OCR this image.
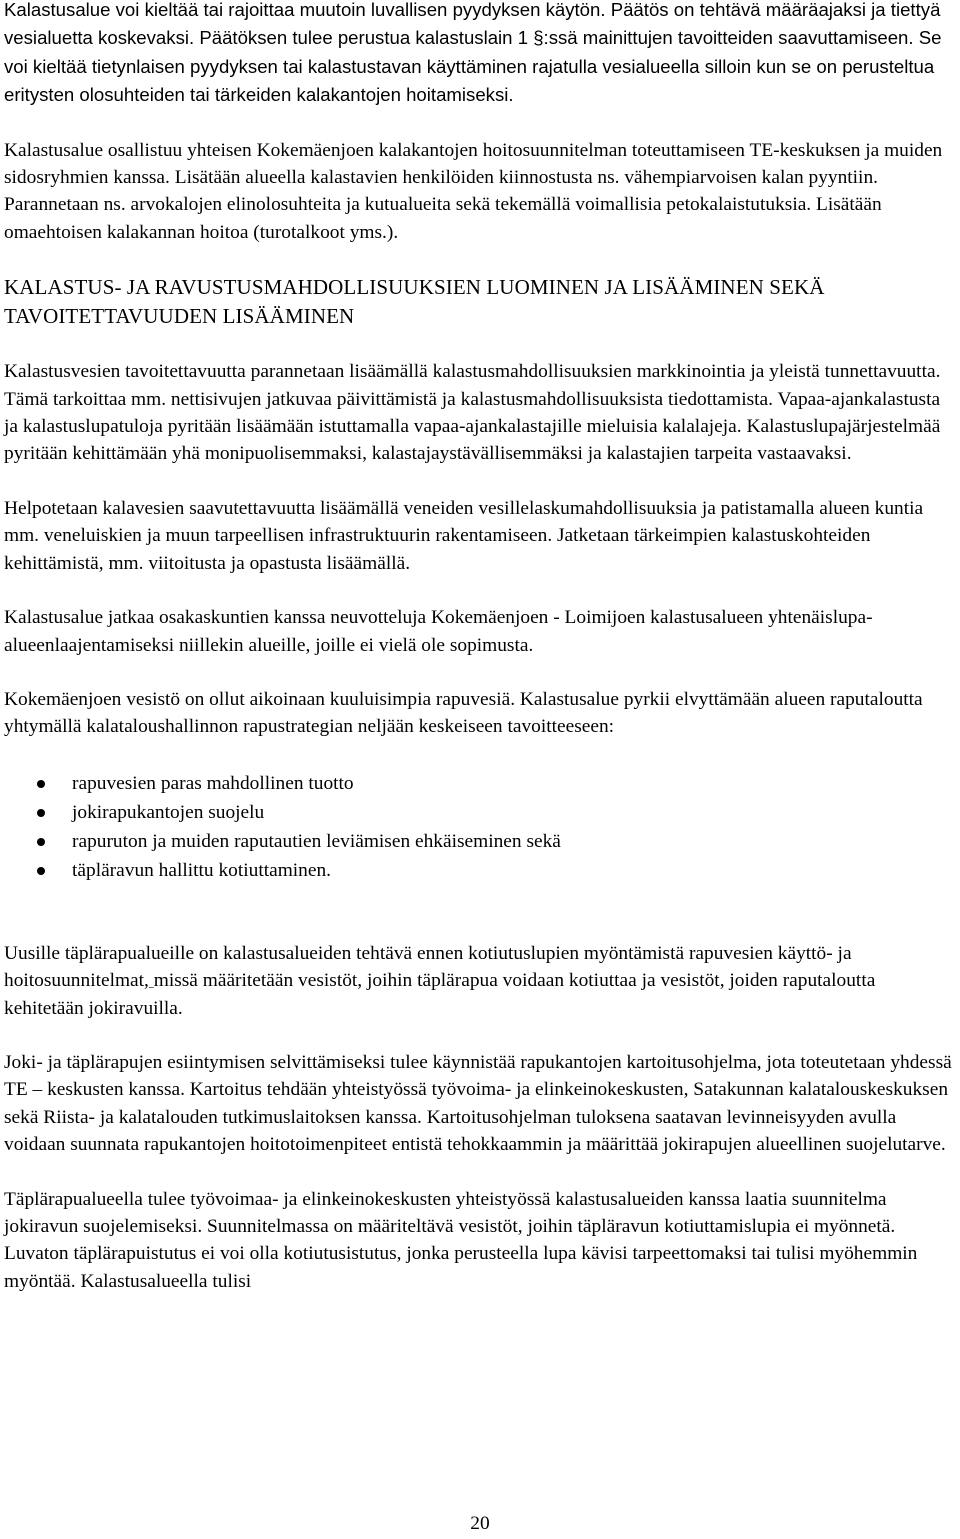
Kalastusalue voi kieltää tai rajoittaa muutoin luvallisen pyydyksen käytön. Päätös on tehtävä määräajaksi ja tiettyä vesialuetta koskevaksi. Päätöksen tulee perustua kalastuslain 1 §:ssä mainittujen tavoitteiden saavuttamiseen. Se voi kieltää tietynlaisen pyydyksen tai kalastustavan käyttäminen rajatulla vesialueella silloin kun se on perusteltua eritysten olosuhteiden tai tärkeiden kalakantojen hoitamiseksi.

Kalastusalue osallistuu yhteisen Kokemäenjoen kalakantojen hoitosuunnitelman toteuttamiseen TE-keskuksen ja muiden sidosryhmien kanssa. Lisätään alueella kalastavien henkilöiden kiinnostusta ns. vähempiarvoisen kalan pyyntiin. Parannetaan ns. arvokalojen elinolosuhteita ja kutualueita sekä tekemällä voimallisia petokalaistutuksia. Lisätään omaehtoisen kalakannan hoitoa (turotalkoot yms.).

KALASTUS- JA RAVUSTUSMAHDOLLISUUKSIEN LUOMINEN JA LISÄÄMINEN SEKÄ TAVOITETTAVUUDEN LISÄÄMINEN

Kalastusvesien tavoitettavuutta parannetaan lisäämällä kalastusmahdollisuuksien markkinointia ja yleistä tunnettavuutta. Tämä tarkoittaa mm. nettisivujen jatkuvaa päivittämistä ja kalastusmahdollisuuksista tiedottamista. Vapaa-ajankalastusta ja kalastuslupatuloja pyritään lisäämään istuttamalla vapaa-ajankalastajille mieluisia kalalajeja. Kalastuslupajärjestelmää pyritään kehittämään yhä monipuolisemmaksi, kalastajaystävällisemmäksi ja kalastajien tarpeita vastaavaksi.

Helpotetaan kalavesien saavutettavuutta lisäämällä veneiden vesillelaskumahdollisuuksia ja patistamalla alueen kuntia mm. veneluiskien ja muun tarpeellisen infrastruktuurin rakentamiseen. Jatketaan tärkeimpien kalastuskohteiden kehittämistä, mm. viitoitusta ja opastusta lisäämällä.

Kalastusalue jatkaa osakaskuntien kanssa neuvotteluja Kokemäenjoen - Loimijoen kalastusalueen yhtenäislupa-alueenlaajentamiseksi niillekin alueille, joille ei vielä ole sopimusta.

Kokemäenjoen vesistö on ollut aikoinaan kuuluisimpia rapuvesiä. Kalastusalue pyrkii elvyttämään alueen raputaloutta yhtymällä kalataloushallinnon rapustrategian neljään keskeiseen tavoitteeseen:

rapuvesien paras mahdollinen tuotto
jokirapukantojen suojelu
rapuruton ja muiden raputautien leviämisen ehkäiseminen sekä
täpläravun hallittu kotiuttaminen.

Uusille täplärapualueille on kalastusalueiden tehtävä ennen kotiutuslupien myöntämistä rapuvesien käyttö- ja hoitosuunnitelmat, missä määritetään vesistöt, joihin täplärapua voidaan kotiuttaa ja vesistöt, joiden raputaloutta kehitetään jokiravuilla.

Joki- ja täplärapujen esiintymisen selvittämiseksi tulee käynnistää rapukantojen kartoitusohjelma, jota toteutetaan yhdessä TE – keskusten kanssa. Kartoitus tehdään yhteistyössä työvoima- ja elinkeinokeskusten, Satakunnan kalatalouskeskuksen sekä Riista- ja kalatalouden tutkimuslaitoksen kanssa. Kartoitusohjelman tuloksena saatavan levinneisyyden avulla voidaan suunnata rapukantojen hoitotoimenpiteet entistä tehokkaammin ja määrittää jokirapujen alueellinen suojelutarve.

Täplärapualueella tulee työvoimaa- ja elinkeinokeskusten yhteistyössä kalastusalueiden kanssa laatia suunnitelma jokiravun suojelemiseksi. Suunnitelmassa on määriteltävä vesistöt, joihin täpläravun kotiuttamislupia ei myönnetä. Luvaton täplärapuistutus ei voi olla kotiutusistutus, jonka perusteella lupa kävisi tarpeettomaksi tai tulisi myöhemmin myöntää. Kalastusalueella tulisi

20
